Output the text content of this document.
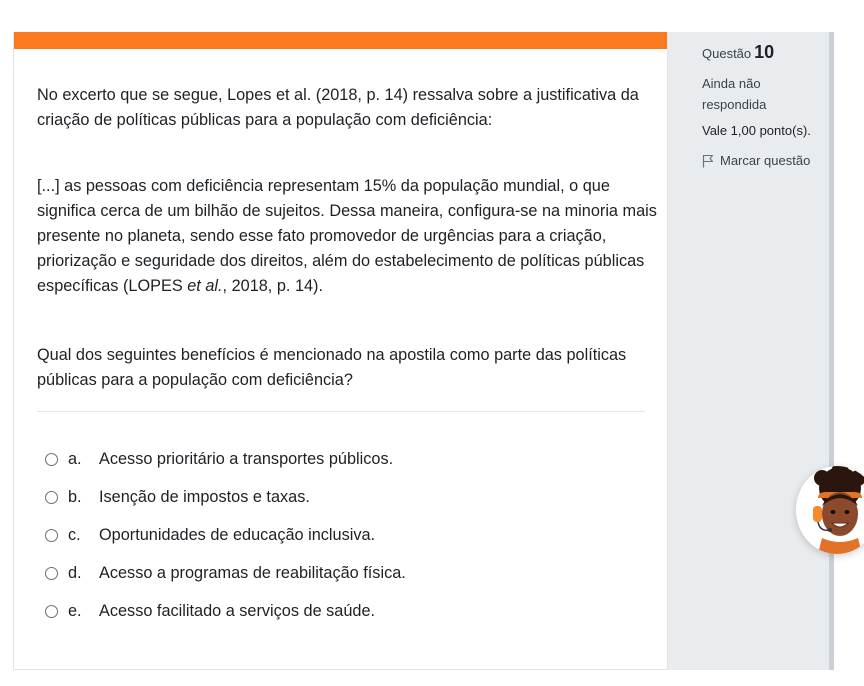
No excerto que se segue, Lopes et al. (2018, p. 14) ressalva sobre a justificativa da criação de políticas públicas para a população com deficiência:

[...] as pessoas com deficiência representam 15% da população mundial, o que significa cerca de um bilhão de sujeitos. Dessa maneira, configura-se na minoria mais presente no planeta, sendo esse fato promovedor de urgências para a criação, priorização e seguridade dos direitos, além do estabelecimento de políticas públicas específicas (LOPES et al., 2018, p. 14).

Qual dos seguintes benefícios é mencionado na apostila como parte das políticas públicas para a população com deficiência?

a.	Acesso prioritário a transportes públicos.
b.	Isenção de impostos e taxas.
c.	Oportunidades de educação inclusiva.
d.	Acesso a programas de reabilitação física.
e.	Acesso facilitado a serviços de saúde.
Questão 10
Ainda não respondida
Vale 1,00 ponto(s).
Marcar questão
